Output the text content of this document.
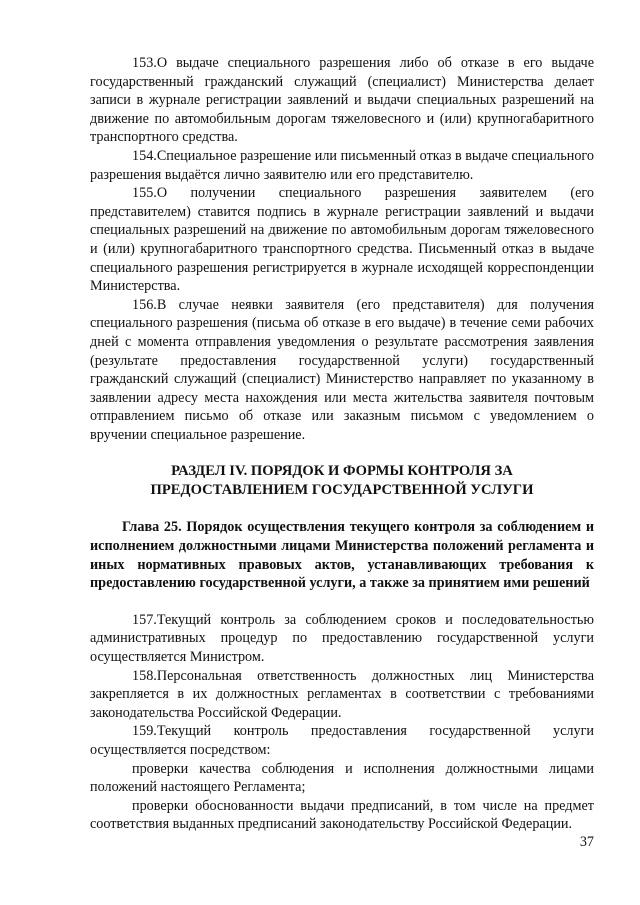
153.О выдаче специального разрешения либо об отказе в его выдаче государственный гражданский служащий (специалист) Министерства делает записи в журнале регистрации заявлений и выдачи специальных разрешений на движение по автомобильным дорогам тяжеловесного и (или) крупногабаритного транспортного средства.

154.Специальное разрешение или письменный отказ в выдаче специального разрешения выдаётся лично заявителю или его представителю.

155.О получении специального разрешения заявителем (его представителем) ставится подпись в журнале регистрации заявлений и выдачи специальных разрешений на движение по автомобильным дорогам тяжеловесного и (или) крупногабаритного транспортного средства. Письменный отказ в выдаче специального разрешения регистрируется в журнале исходящей корреспонденции Министерства.

156.В случае неявки заявителя (его представителя) для получения специального разрешения (письма об отказе в его выдаче) в течение семи рабочих дней с момента отправления уведомления о результате рассмотрения заявления (результате предоставления государственной услуги) государственный гражданский служащий (специалист) Министерство направляет по указанному в заявлении адресу места нахождения или места жительства заявителя почтовым отправлением письмо об отказе или заказным письмом с уведомлением о вручении специальное разрешение.

РАЗДЕЛ IV. ПОРЯДОК И ФОРМЫ КОНТРОЛЯ ЗА
ПРЕДОСТАВЛЕНИЕМ ГОСУДАРСТВЕННОЙ УСЛУГИ

Глава 25. Порядок осуществления текущего контроля за соблюдением и исполнением должностными лицами Министерства положений регламента и иных нормативных правовых актов, устанавливающих требования к предоставлению государственной услуги, а также за принятием ими решений

157.Текущий контроль за соблюдением сроков и последовательностью административных процедур по предоставлению государственной услуги осуществляется Министром.

158.Персональная ответственность должностных лиц Министерства закрепляется в их должностных регламентах в соответствии с требованиями законодательства Российской Федерации.

159.Текущий контроль предоставления государственной услуги осуществляется посредством:

проверки качества соблюдения и исполнения должностными лицами положений настоящего Регламента;

проверки обоснованности выдачи предписаний, в том числе на предмет соответствия выданных предписаний законодательству Российской Федерации.

37
